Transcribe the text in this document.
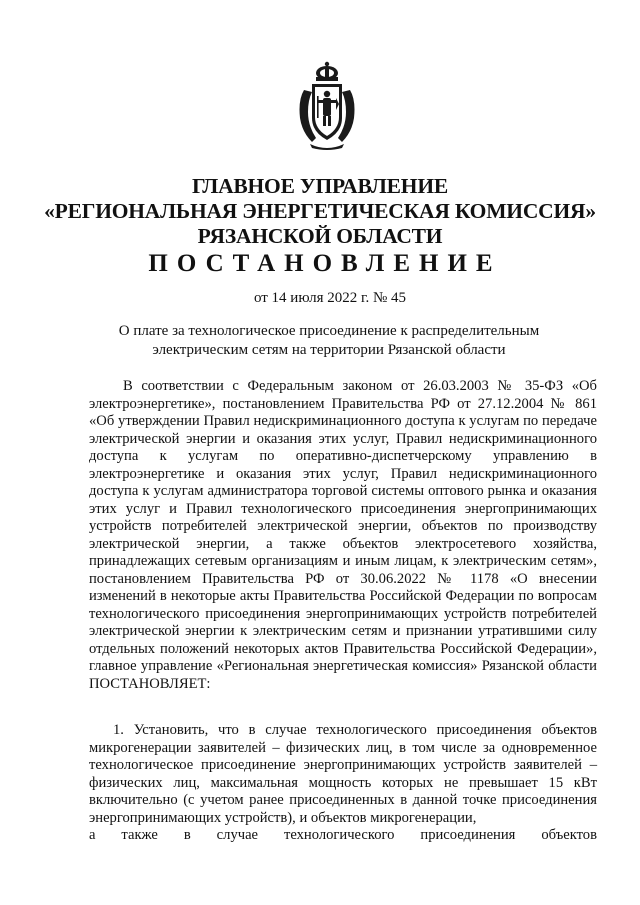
ГЛАВНОЕ УПРАВЛЕНИЕ

«РЕГИОНАЛЬНАЯ ЭНЕРГЕТИЧЕСКАЯ КОМИССИЯ»

РЯЗАНСКОЙ ОБЛАСТИ

ПОСТАНОВЛЕНИЕ

от 14 июля 2022 г. № 45

О плате за технологическое присоединение к распределительным
электрическим сетям на территории Рязанской области

В соответствии с Федеральным законом от 26.03.2003 № 35-ФЗ «Об электроэнергетике», постановлением Правительства РФ от 27.12.2004 № 861 «Об утверждении Правил недискриминационного доступа к услугам по передаче электрической энергии и оказания этих услуг, Правил недискриминационного доступа к услугам по оперативно-диспетчерскому управлению в электроэнергетике и оказания этих услуг, Правил недискриминационного доступа к услугам администратора торговой системы оптового рынка и оказания этих услуг и Правил технологического присоединения энергопринимающих устройств потребителей электрической энергии, объектов по производству электрической энергии, а также объектов электросетевого хозяйства, принадлежащих сетевым организациям и иным лицам, к электрическим сетям», постановлением Правительства РФ от 30.06.2022 № 1178 «О внесении изменений в некоторые акты Правительства Российской Федерации по вопросам технологического присоединения энергопринимающих устройств потребителей электрической энергии к электрическим сетям и признании утратившими силу отдельных положений некоторых актов Правительства Российской Федерации», главное управление «Региональная энергетическая комиссия» Рязанской области ПОСТАНОВЛЯЕТ:

1. Установить, что в случае технологического присоединения объектов микрогенерации заявителей – физических лиц, в том числе за одновременное технологическое присоединение энергопринимающих устройств заявителей – физических лиц, максимальная мощность которых не превышает 15 кВт включительно (с учетом ранее присоединенных в данной точке присоединения энергопринимающих устройств), и объектов микрогенерации,
а также в случае технологического присоединения объектов
